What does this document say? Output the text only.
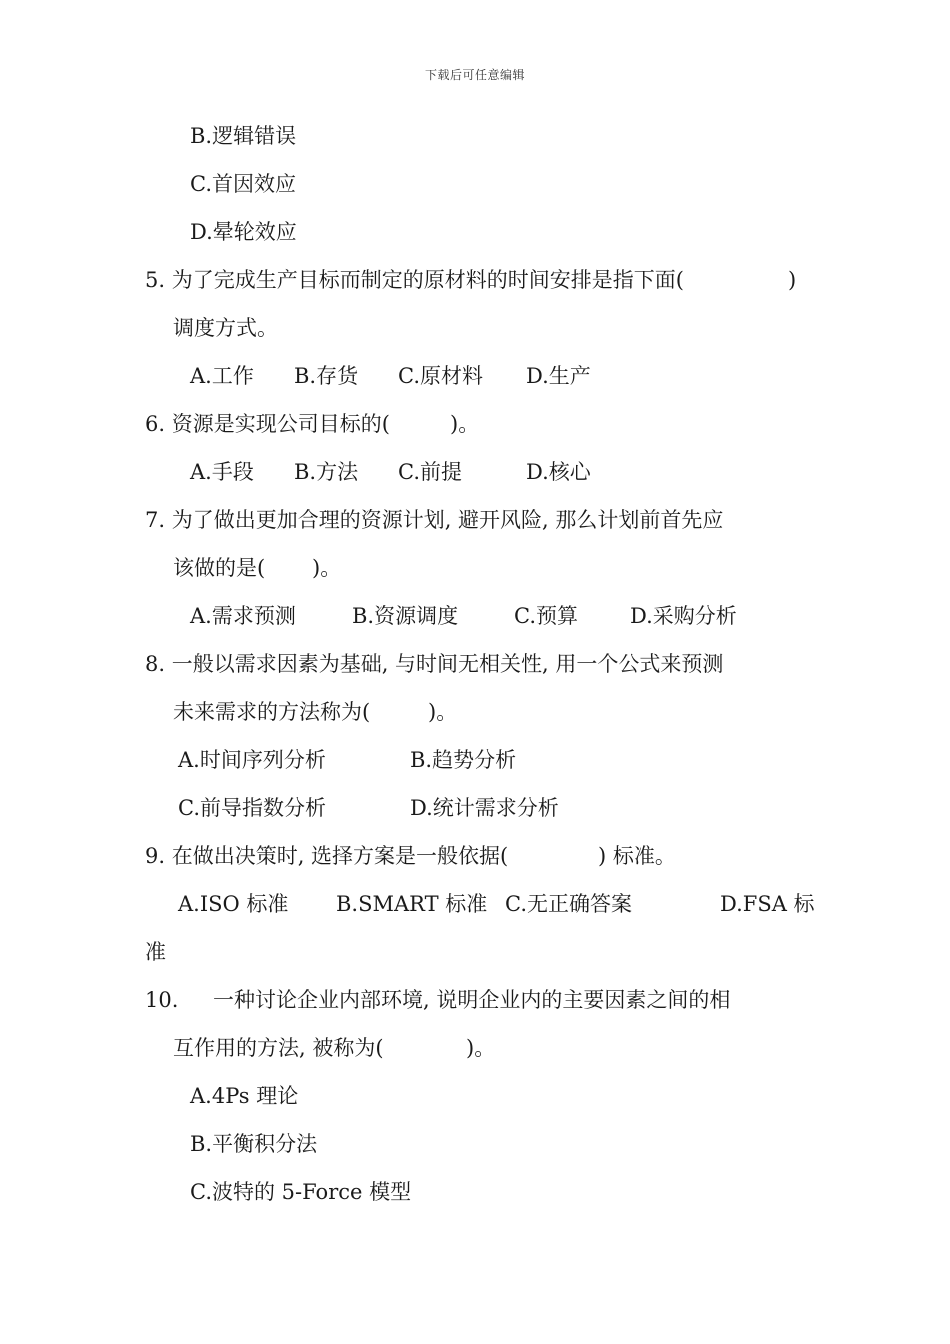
下载后可任意编辑
B.逻辑错误
C.首因效应
D.晕轮效应
5. 为了完成生产目标而制定的原材料的时间安排是指下面(	)
调度方式。
A.工作 B.存货 C.原材料 D.生产
6. 资源是实现公司目标的(	)。
A.手段 B.方法 C.前提	D.核心
7. 为了做出更加合理的资源计划, 避开风险, 那么计划前首先应
该做的是( )。
A.需求预测	B.资源调度	C.预算 D.采购分析
8. 一般以需求因素为基础, 与时间无相关性, 用一个公式来预测
未来需求的方法称为(	)。
A.时间序列分析	B.趋势分析
C.前导指数分析	D.统计需求分析
9. 在做出决策时, 选择方案是一般依据(	) 标准。
A.ISO 标准 B.SMART 标准 C.无正确答案	D.FSA 标
准
10. 一种讨论企业内部环境, 说明企业内的主要因素之间的相
互作用的方法, 被称为(	)。
A.4Ps 理论
B.平衡积分法
C.波特的 5-Force 模型
